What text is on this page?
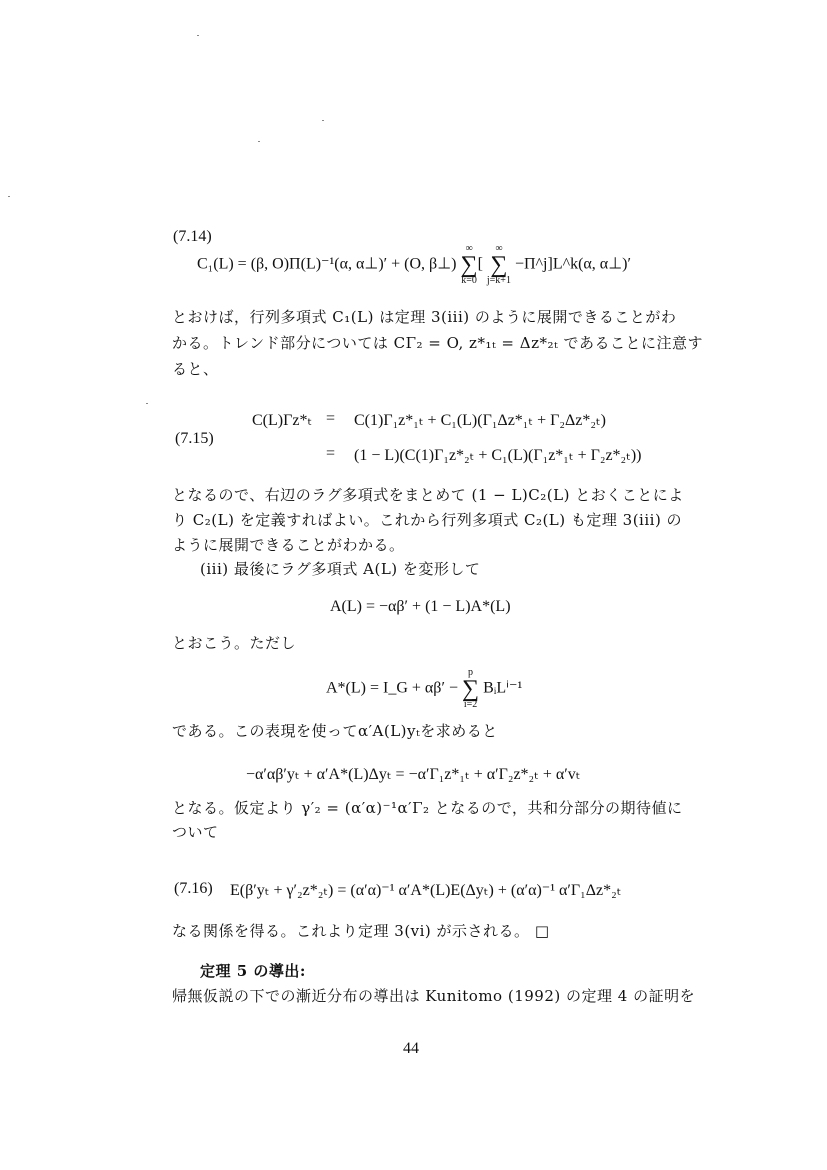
(7.14)
C₁(L) = (β, O)Π(L)⁻¹(α, α⊥)′ + (O, β⊥)
∞
∑
k=0
[
∞
∑
j=k+1
−Π^j]L^k(α, α⊥)′
とおけば，行列多項式 C₁(L) は定理 3(iii) のように展開できることがわ
かる。トレンド部分については CΓ₂ = O, z*₁ₜ = Δz*₂ₜ であることに注意す
ると、
(7.15)
C(L)Γz*ₜ = C(1)Γ₁z*₁ₜ + C₁(L)(Γ₁Δz*₁ₜ + Γ₂Δz*₂ₜ)
= (1 − L)(C(1)Γ₁z*₂ₜ + C₁(L)(Γ₁z*₁ₜ + Γ₂z*₂ₜ))
となるので、右辺のラグ多項式をまとめて (1 − L)C₂(L) とおくことによ
り C₂(L) を定義すればよい。これから行列多項式 C₂(L) も定理 3(iii) の
ように展開できることがわかる。
(iii) 最後にラグ多項式 A(L) を変形して
A(L) = −αβ′ + (1 − L)A*(L)
とおこう。ただし
A*(L) = I_G + αβ′ −
p
∑
i=2
BᵢLⁱ⁻¹
である。この表現を使ってα′A(L)yₜを求めると
−α′αβ′yₜ + α′A*(L)Δyₜ = −α′Γ₁z*₁ₜ + α′Γ₂z*₂ₜ + α′vₜ
となる。仮定より γ′₂ = (α′α)⁻¹α′Γ₂ となるので，共和分部分の期待値に
ついて
(7.16) E(β′yₜ + γ′₂z*₂ₜ) = (α′α)⁻¹ α′A*(L)E(Δyₜ) + (α′α)⁻¹ α′Γ₁Δz*₂ₜ
なる関係を得る。これより定理 3(vi) が示される。 □
定理 5 の導出:
帰無仮説の下での漸近分布の導出は Kunitomo (1992) の定理 4 の証明を
44
